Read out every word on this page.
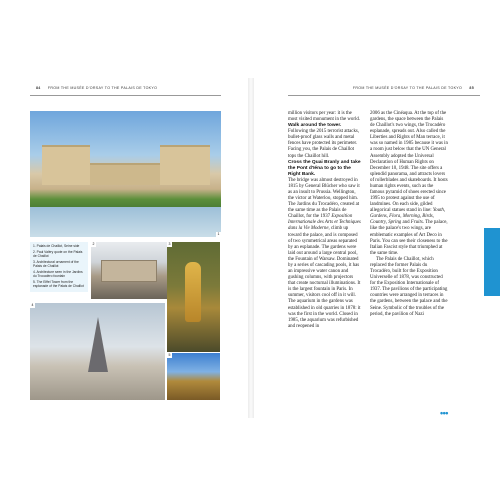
84 FROM THE MUSÉE D'ORSAY TO THE PALAIS DE TOKYO	FROM THE MUSÉE D'ORSAY TO THE PALAIS DE TOKYO 85
1
2	3
4
5

1. Palais de Chaillot, Seine side

2. Paul Valéry quote on the Palais de Chaillot

3. Architectural ornament of the Palais de Chaillot

4. Architecture seen in the Jardins du Trocadéro fountain

5. The Eiffel Tower from the esplanade of the Palais de Chaillot

million visitors per year: it is the most visited monument in the world.

Walk around the tower.

Following the 2015 terrorist attacks, bullet-proof glass walls and metal fences have protected its perimeter. Facing you, the Palais de Chaillot tops the Chaillot hill.

Cross the Quai Branly and take the Pont d'Iéna to go to the Right Bank.

The bridge was almost destroyed in 1815 by General Blücher who saw it as an insult to Prussia. Wellington, the victor at Waterloo, stopped him. The Jardins du Trocadéro, created at the same time as the Palais de Chaillot, for the 1937 Exposition Internationale des Arts et Techniques dans la Vie Moderne, climb up toward the palace, and is composed of two symmetrical areas separated by an esplanade. The gardens were laid out around a large central pool, the Fountain of Warsaw. Dominated by a series of cascading pools, it has an impressive water canon and gushing columns, with projectors that create nocturnal illuminations. It is the largest fountain in Paris. In summer, visitors cool off in it will. The aquarium in the gardens was established in old quarries in 1878: it was the first in the world. Closed in 1985, the aquarium was refurbished and reopened in

2006 as the Cinéaqua. At the top of the gardens, the space between the Palais de Chaillot's two wings, the Trocadéro esplanade, spreads out. Also called the Liberties and Rights of Man terrace, it was so named in 1985 because it was in a room just below that the UN General Assembly adopted the Universal Declaration of Human Rights on December 10, 1948. The site offers a splendid panorama, and attracts lovers of rollerblades and skateboards. It hosts human rights events, such as the famous pyramid of shoes erected since 1995 to protest against the use of landmines. On each side, gilded allegorical statues stand in line: Youth, Gardens, Flora, Morning, Birds, Country, Spring and Fruits. The palace, like the palace's two wings, are emblematic examples of Art Deco in Paris. You can see their closeness to the Italian Fascist style that triumphed at the same time.

The Palais de Chaillot, which replaced the former Palais du Trocadéro, built for the Exposition Universelle of 1878, was constructed for the Exposition Internationale of 1937. The pavilions of the participating countries were arranged in terraces in the gardens, between the palace and the Seine. Symbolic of the troubles of the period, the pavilion of Nazi

•••
